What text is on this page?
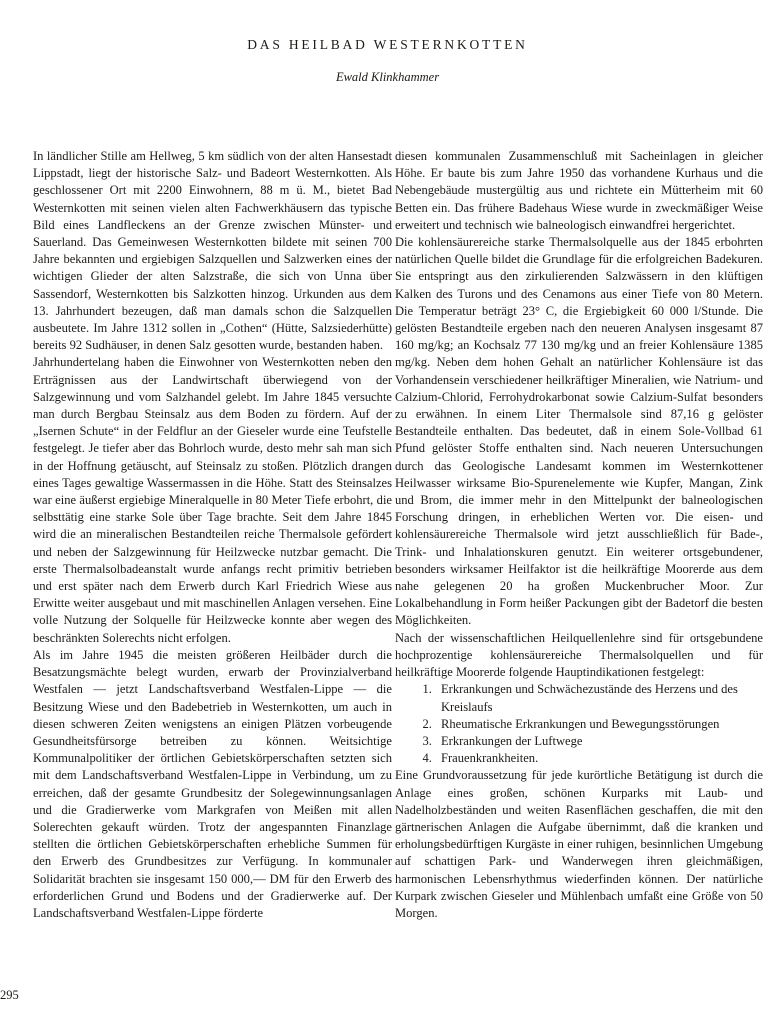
DAS HEILBAD WESTERNKOTTEN
Ewald Klinkhammer

In ländlicher Stille am Hellweg, 5 km südlich von der alten Hansestadt Lippstadt, liegt der historische Salz- und Badeort Westernkotten. Als geschlossener Ort mit 2200 Einwohnern, 88 m ü. M., bietet Bad Westernkotten mit seinen vielen alten Fachwerkhäusern das typische Bild eines Landfleckens an der Grenze zwischen Münster- und Sauerland. Das Gemeinwesen Westernkotten bildete mit seinen 700 Jahre bekannten und ergiebigen Salzquellen und Salzwerken eines der wichtigen Glieder der alten Salzstraße, die sich von Unna über Sassendorf, Westernkotten bis Salzkotten hinzog. Urkunden aus dem 13. Jahrhundert bezeugen, daß man damals schon die Salzquellen ausbeutete. Im Jahre 1312 sollen in „Cothen“ (Hütte, Salzsiederhütte) bereits 92 Sudhäuser, in denen Salz gesotten wurde, bestanden haben.

Jahrhundertelang haben die Einwohner von Westernkotten neben den Erträgnissen aus der Landwirtschaft überwiegend von der Salzgewinnung und vom Salzhandel gelebt. Im Jahre 1845 versuchte man durch Bergbau Steinsalz aus dem Boden zu fördern. Auf der „Isernen Schute“ in der Feldflur an der Gieseler wurde eine Teufstelle festgelegt. Je tiefer aber das Bohrloch wurde, desto mehr sah man sich in der Hoffnung getäuscht, auf Steinsalz zu stoßen. Plötzlich drangen eines Tages gewaltige Wassermassen in die Höhe. Statt des Steinsalzes war eine äußerst ergiebige Mineralquelle in 80 Meter Tiefe erbohrt, die selbsttätig eine starke Sole über Tage brachte. Seit dem Jahre 1845 wird die an mineralischen Bestandteilen reiche Thermalsole gefördert und neben der Salzgewinnung für Heilzwecke nutzbar gemacht. Die erste Thermalsolbadeanstalt wurde anfangs recht primitiv betrieben und erst später nach dem Erwerb durch Karl Friedrich Wiese aus Erwitte weiter ausgebaut und mit maschinellen Anlagen versehen. Eine volle Nutzung der Solquelle für Heilzwecke konnte aber wegen des beschränkten Solerechts nicht erfolgen.

Als im Jahre 1945 die meisten größeren Heilbäder durch die Besatzungsmächte belegt wurden, erwarb der Provinzialverband Westfalen — jetzt Landschaftsverband Westfalen-Lippe — die Besitzung Wiese und den Badebetrieb in Westernkotten, um auch in diesen schweren Zeiten wenigstens an einigen Plätzen vorbeugende Gesundheitsfürsorge betreiben zu können. Weitsichtige Kommunalpolitiker der örtlichen Gebietskörperschaften setzten sich mit dem Landschaftsverband Westfalen-Lippe in Verbindung, um zu erreichen, daß der gesamte Grundbesitz der Solegewinnungsanlagen und die Gradierwerke vom Markgrafen von Meißen mit allen Solerechten gekauft würden. Trotz der angespannten Finanzlage stellten die örtlichen Gebietskörperschaften erhebliche Summen für den Erwerb des Grundbesitzes zur Verfügung. In kommunaler Solidarität brachten sie insgesamt 150 000,— DM für den Erwerb des erforderlichen Grund und Bodens und der Gradierwerke auf. Der Landschaftsverband Westfalen-Lippe förderte

diesen kommunalen Zusammenschluß mit Sacheinlagen in gleicher Höhe. Er baute bis zum Jahre 1950 das vorhandene Kurhaus und die Nebengebäude mustergültig aus und richtete ein Mütterheim mit 60 Betten ein. Das frühere Badehaus Wiese wurde in zweckmäßiger Weise erweitert und technisch wie balneologisch einwandfrei hergerichtet.

Die kohlensäurereiche starke Thermalsolquelle aus der 1845 erbohrten natürlichen Quelle bildet die Grundlage für die erfolgreichen Badekuren. Sie entspringt aus den zirkulierenden Salzwässern in den klüftigen Kalken des Turons und des Cenamons aus einer Tiefe von 80 Metern. Die Temperatur beträgt 23° C, die Ergiebigkeit 60 000 l/Stunde. Die gelösten Bestandteile ergeben nach den neueren Analysen insgesamt 87 160 mg/kg; an Kochsalz 77 130 mg/kg und an freier Kohlensäure 1385 mg/kg. Neben dem hohen Gehalt an natürlicher Kohlensäure ist das Vorhandensein verschiedener heilkräftiger Mineralien, wie Natrium- und Calzium-Chlorid, Ferrohydrokarbonat sowie Calzium-Sulfat besonders zu erwähnen. In einem Liter Thermalsole sind 87,16 g gelöster Bestandteile enthalten. Das bedeutet, daß in einem Sole-Vollbad 61 Pfund gelöster Stoffe enthalten sind. Nach neueren Untersuchungen durch das Geologische Landesamt kommen im Westernkottener Heilwasser wirksame Bio-Spurenelemente wie Kupfer, Mangan, Zink und Brom, die immer mehr in den Mittelpunkt der balneologischen Forschung dringen, in erheblichen Werten vor. Die eisen- und kohlensäurereiche Thermalsole wird jetzt ausschließlich für Bade-, Trink- und Inhalationskuren genutzt. Ein weiterer ortsgebundener, besonders wirksamer Heilfaktor ist die heilkräftige Moorerde aus dem nahe gelegenen 20 ha großen Muckenbrucher Moor. Zur Lokalbehandlung in Form heißer Packungen gibt der Badetorf die besten Möglichkeiten.

Nach der wissenschaftlichen Heilquellenlehre sind für ortsgebundene hochprozentige kohlensäurereiche Thermalsolquellen und für heilkräftige Moorerde folgende Hauptindikationen festgelegt:

1. Erkrankungen und Schwächezustände des Herzens und des Kreislaufs
2. Rheumatische Erkrankungen und Bewegungsstörungen
3. Erkrankungen der Luftwege
4. Frauenkrankheiten.

Eine Grundvoraussetzung für jede kurörtliche Betätigung ist durch die Anlage eines großen, schönen Kurparks mit Laub- und Nadelholzbeständen und weiten Rasenflächen geschaffen, die mit den gärtnerischen Anlagen die Aufgabe übernimmt, daß die kranken und erholungsbedürftigen Kurgäste in einer ruhigen, besinnlichen Umgebung auf schattigen Park- und Wanderwegen ihren gleichmäßigen, harmonischen Lebensrhythmus wiederfinden können. Der natürliche Kurpark zwischen Gieseler und Mühlenbach umfaßt eine Größe von 50 Morgen.

295
